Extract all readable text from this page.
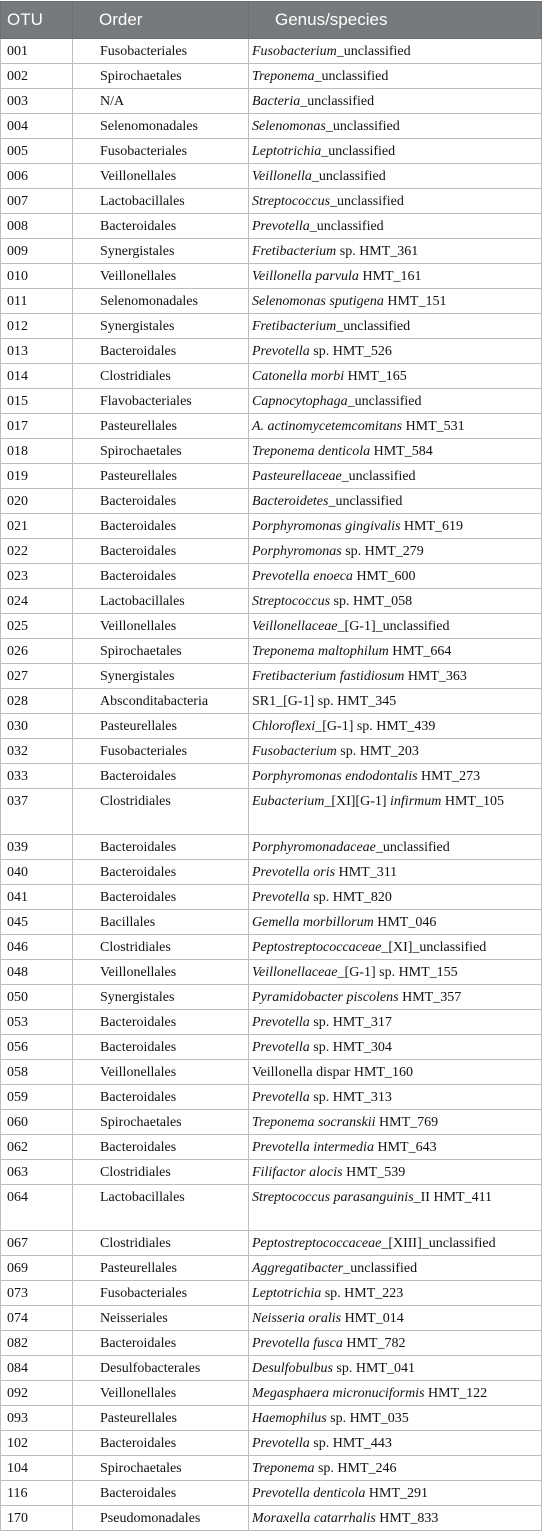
OTU	Order	Genus/species
001	Fusobacteriales	Fusobacterium_unclassified
002	Spirochaetales	Treponema_unclassified
003	N/A	Bacteria_unclassified
004	Selenomonadales	Selenomonas_unclassified
005	Fusobacteriales	Leptotrichia_unclassified
006	Veillonellales	Veillonella_unclassified
007	Lactobacillales	Streptococcus_unclassified
008	Bacteroidales	Prevotella_unclassified
009	Synergistales	Fretibacterium sp. HMT_361
010	Veillonellales	Veillonella parvula HMT_161
011	Selenomonadales	Selenomonas sputigena HMT_151
012	Synergistales	Fretibacterium_unclassified
013	Bacteroidales	Prevotella sp. HMT_526
014	Clostridiales	Catonella morbi HMT_165
015	Flavobacteriales	Capnocytophaga_unclassified
017	Pasteurellales	A. actinomycetemcomitans HMT_531
018	Spirochaetales	Treponema denticola HMT_584
019	Pasteurellales	Pasteurellaceae_unclassified
020	Bacteroidales	Bacteroidetes_unclassified
021	Bacteroidales	Porphyromonas gingivalis HMT_619
022	Bacteroidales	Porphyromonas sp. HMT_279
023	Bacteroidales	Prevotella enoeca HMT_600
024	Lactobacillales	Streptococcus sp. HMT_058
025	Veillonellales	Veillonellaceae_[G-1]_unclassified
026	Spirochaetales	Treponema maltophilum HMT_664
027	Synergistales	Fretibacterium fastidiosum HMT_363
028	Absconditabacteria	SR1_[G-1] sp. HMT_345
030	Pasteurellales	Chloroflexi_[G-1] sp. HMT_439
032	Fusobacteriales	Fusobacterium sp. HMT_203
033	Bacteroidales	Porphyromonas endodontalis HMT_273
037	Clostridiales	Eubacterium_[XI][G-1] infirmum HMT_105
039	Bacteroidales	Porphyromonadaceae_unclassified
040	Bacteroidales	Prevotella oris HMT_311
041	Bacteroidales	Prevotella sp. HMT_820
045	Bacillales	Gemella morbillorum HMT_046
046	Clostridiales	Peptostreptococcaceae_[XI]_unclassified
048	Veillonellales	Veillonellaceae_[G-1] sp. HMT_155
050	Synergistales	Pyramidobacter piscolens HMT_357
053	Bacteroidales	Prevotella sp. HMT_317
056	Bacteroidales	Prevotella sp. HMT_304
058	Veillonellales	Veillonella dispar HMT_160
059	Bacteroidales	Prevotella sp. HMT_313
060	Spirochaetales	Treponema socranskii HMT_769
062	Bacteroidales	Prevotella intermedia HMT_643
063	Clostridiales	Filifactor alocis HMT_539
064	Lactobacillales	Streptococcus parasanguinis_II HMT_411
067	Clostridiales	Peptostreptococcaceae_[XIII]_unclassified
069	Pasteurellales	Aggregatibacter_unclassified
073	Fusobacteriales	Leptotrichia sp. HMT_223
074	Neisseriales	Neisseria oralis HMT_014
082	Bacteroidales	Prevotella fusca HMT_782
084	Desulfobacterales	Desulfobulbus sp. HMT_041
092	Veillonellales	Megasphaera micronuciformis HMT_122
093	Pasteurellales	Haemophilus sp. HMT_035
102	Bacteroidales	Prevotella sp. HMT_443
104	Spirochaetales	Treponema sp. HMT_246
116	Bacteroidales	Prevotella denticola HMT_291
170	Pseudomonadales	Moraxella catarrhalis HMT_833
